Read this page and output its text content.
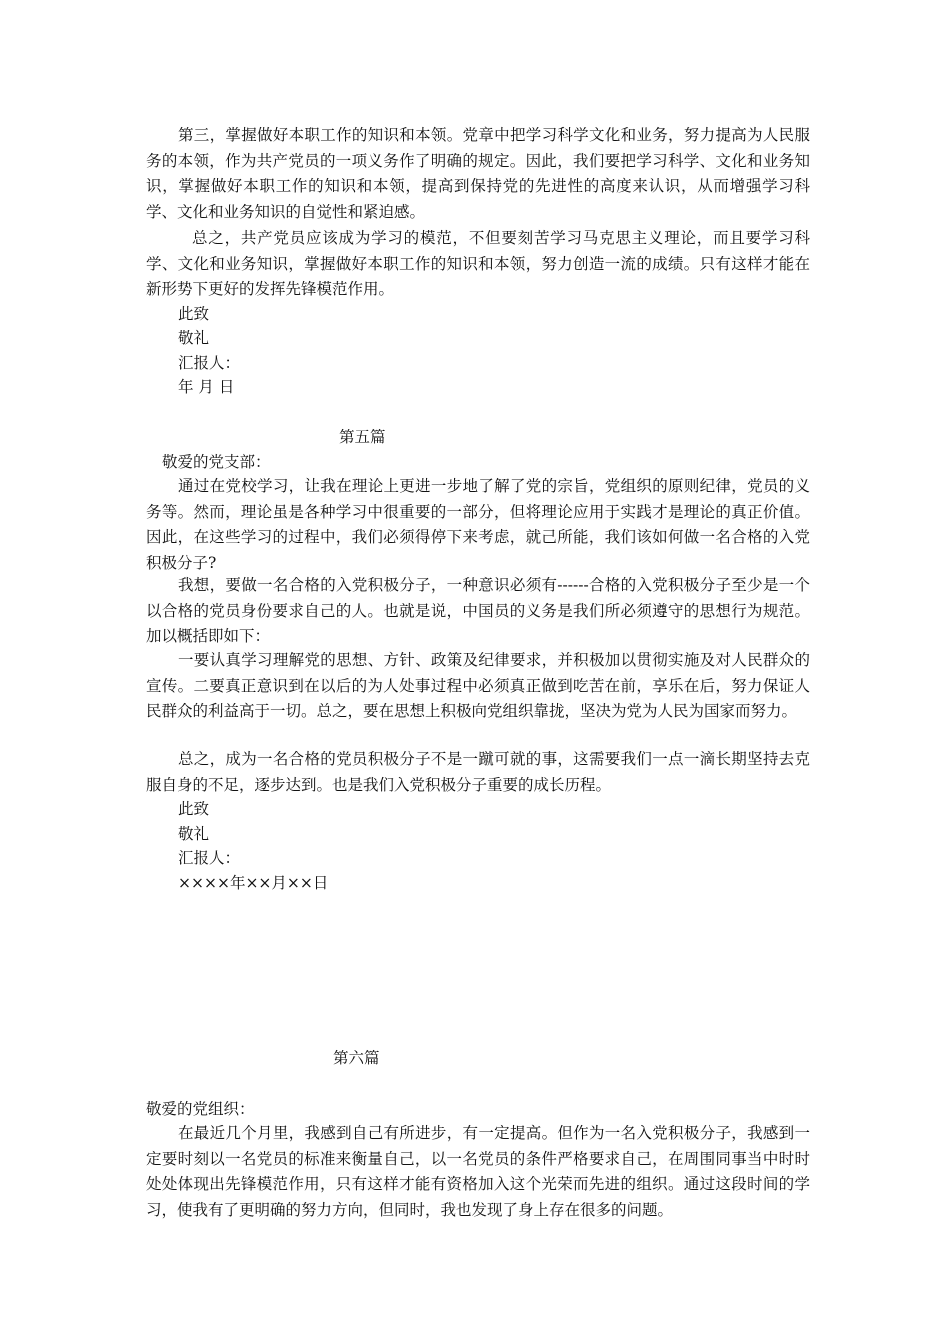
第三，掌握做好本职工作的知识和本领。党章中把学习科学文化和业务，努力提高为人民服务的本领，作为共产党员的一项义务作了明确的规定。因此，我们要把学习科学、文化和业务知识，掌握做好本职工作的知识和本领，提高到保持党的先进性的高度来认识，从而增强学习科学、文化和业务知识的自觉性和紧迫感。

总之，共产党员应该成为学习的模范，不但要刻苦学习马克思主义理论，而且要学习科学、文化和业务知识，掌握做好本职工作的知识和本领，努力创造一流的成绩。只有这样才能在新形势下更好的发挥先锋模范作用。

此致

敬礼

汇报人：

年 月 日

第五篇

敬爱的党支部：

通过在党校学习，让我在理论上更进一步地了解了党的宗旨，党组织的原则纪律，党员的义务等。然而，理论虽是各种学习中很重要的一部分，但将理论应用于实践才是理论的真正价值。因此，在这些学习的过程中，我们必须得停下来考虑，就己所能，我们该如何做一名合格的入党积极分子?

我想，要做一名合格的入党积极分子，一种意识必须有------合格的入党积极分子至少是一个以合格的党员身份要求自己的人。也就是说，中国员的义务是我们所必须遵守的思想行为规范。加以概括即如下：

一要认真学习理解党的思想、方针、政策及纪律要求，并积极加以贯彻实施及对人民群众的宣传。二要真正意识到在以后的为人处事过程中必须真正做到吃苦在前，享乐在后，努力保证人民群众的利益高于一切。总之，要在思想上积极向党组织靠拢，坚决为党为人民为国家而努力。

总之，成为一名合格的党员积极分子不是一蹴可就的事，这需要我们一点一滴长期坚持去克服自身的不足，逐步达到。也是我们入党积极分子重要的成长历程。

此致

敬礼

汇报人：

××××年××月××日

第六篇

敬爱的党组织：

在最近几个月里，我感到自己有所进步，有一定提高。但作为一名入党积极分子，我感到一定要时刻以一名党员的标准来衡量自己，以一名党员的条件严格要求自己，在周围同事当中时时处处体现出先锋模范作用，只有这样才能有资格加入这个光荣而先进的组织。通过这段时间的学习，使我有了更明确的努力方向，但同时，我也发现了身上存在很多的问题。
